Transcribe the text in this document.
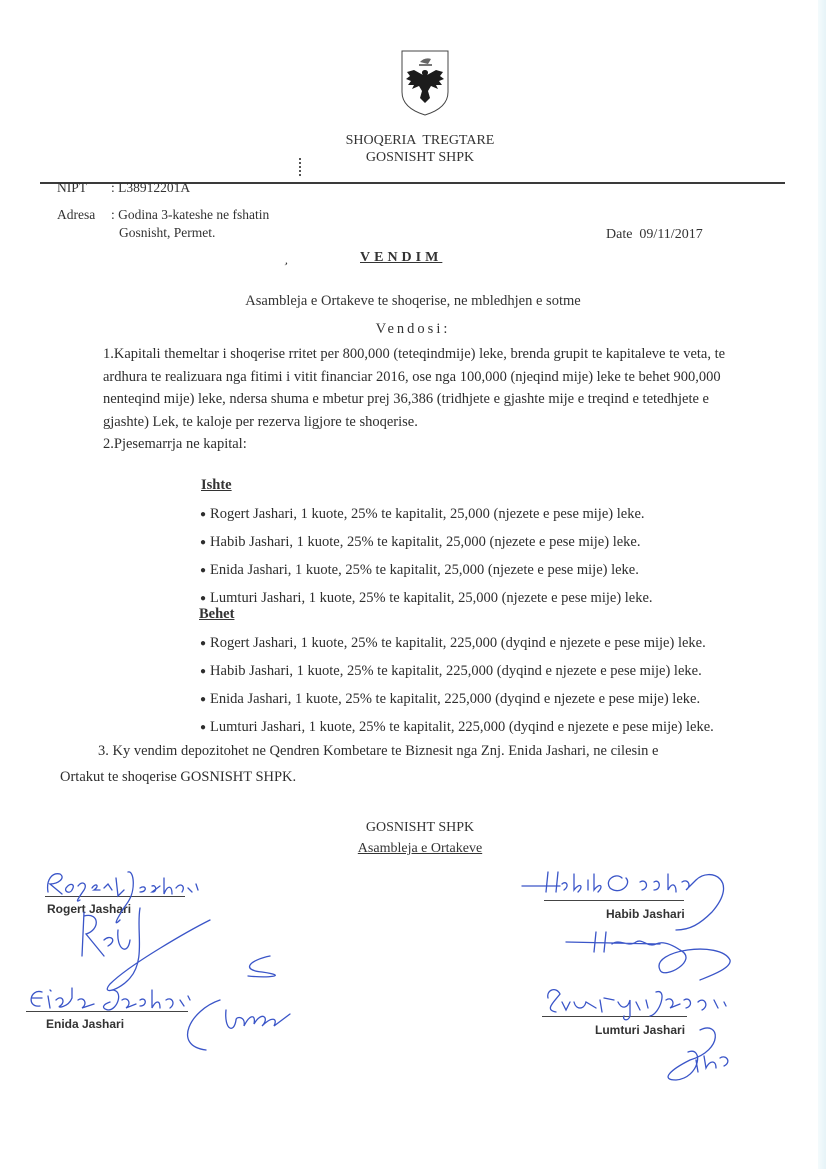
SHOQERIA  TREGTARE
GOSNISHT SHPK
NIPT : L38912201A
Adresa : Godina 3-kateshe ne fshatin
Gosnisht, Permet.	Date  09/11/2017
,	VENDIM
Asambleja e Ortakeve te shoqerise, ne mbledhjen e sotme
Vendosi:

1.Kapitali themeltar i shoqerise rritet per 800,000 (teteqindmije) leke, brenda grupit te kapitaleve te veta, te ardhura te realizuara nga fitimi i vitit financiar 2016, ose nga 100,000 (njeqind mije) leke te behet 900,000 nenteqind mije) leke, ndersa shuma e mbetur prej 36,386 (tridhjete e gjashte mije e treqind e tetedhjete e gjashte) Lek, te kaloje per rezerva ligjore te shoqerise.

2.Pjesemarrja ne kapital:

Ishte
● Rogert Jashari, 1 kuote, 25% te kapitalit, 25,000 (njezete e pese mije) leke.
● Habib Jashari, 1 kuote, 25% te kapitalit, 25,000 (njezete e pese mije) leke.
● Enida Jashari, 1 kuote, 25% te kapitalit, 25,000 (njezete e pese mije) leke.
● Lumturi Jashari, 1 kuote, 25% te kapitalit, 25,000 (njezete e pese mije) leke.
Behet
● Rogert Jashari, 1 kuote, 25% te kapitalit, 225,000 (dyqind e njezete e pese mije) leke.
● Habib Jashari, 1 kuote, 25% te kapitalit, 225,000 (dyqind e njezete e pese mije) leke.
● Enida Jashari, 1 kuote, 25% te kapitalit, 225,000 (dyqind e njezete e pese mije) leke.
● Lumturi Jashari, 1 kuote, 25% te kapitalit, 225,000 (dyqind e njezete e pese mije) leke.
3. Ky vendim depozitohet ne Qendren Kombetare te Biznesit nga Znj. Enida Jashari, ne cilesin e
Ortakut te shoqerise GOSNISHT SHPK.
GOSNISHT SHPK
Asambleja e Ortakeve
Rogert Jashari	Habib Jashari
Enida Jashari	Lumturi Jashari
